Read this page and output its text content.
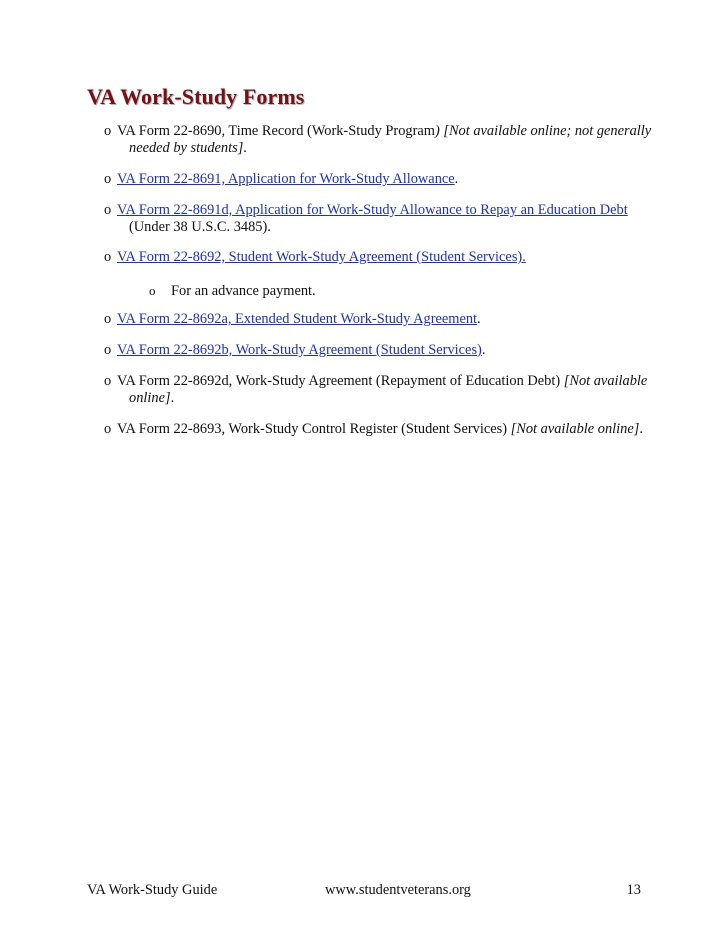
VA Work-Study Forms
o VA Form 22-8690, Time Record (Work-Study Program) [Not available online; not generally needed by students].
o VA Form 22-8691, Application for Work-Study Allowance.
o VA Form 22-8691d, Application for Work-Study Allowance to Repay an Education Debt (Under 38 U.S.C. 3485).
o VA Form 22-8692, Student Work-Study Agreement (Student Services).
o For an advance payment.
o VA Form 22-8692a, Extended Student Work-Study Agreement.
o VA Form 22-8692b, Work-Study Agreement (Student Services).
o VA Form 22-8692d, Work-Study Agreement (Repayment of Education Debt) [Not available online].
o VA Form 22-8693, Work-Study Control Register (Student Services) [Not available online].
VA Work-Study Guide	www.studentveterans.org	13
